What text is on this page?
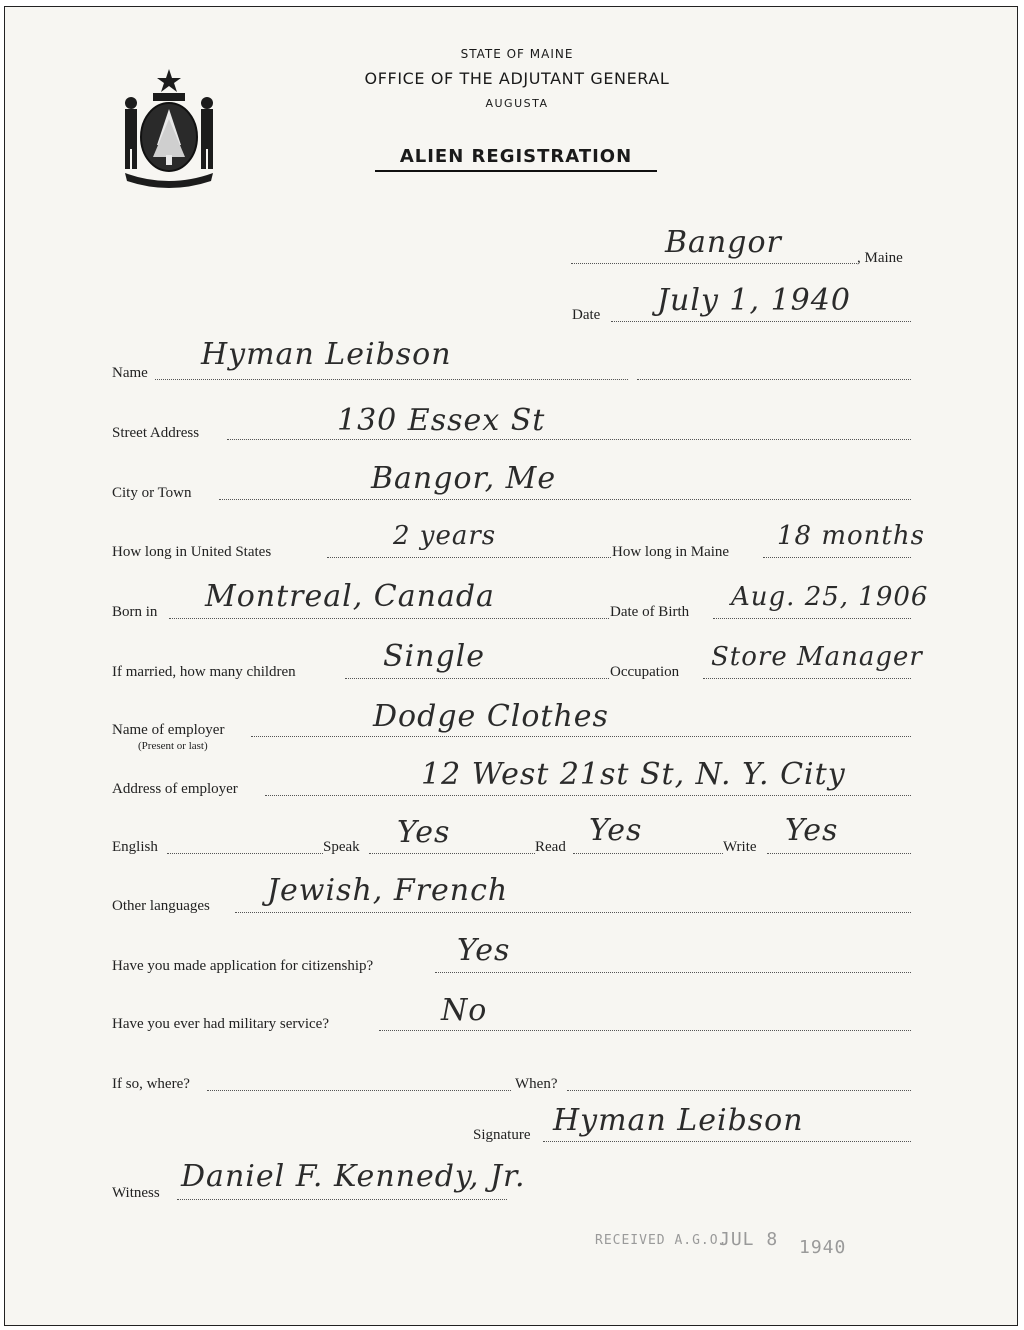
STATE OF MAINE
OFFICE OF THE ADJUTANT GENERAL
AUGUSTA
ALIEN REGISTRATION
Bangor	, Maine
Date July 1, 1940
Name
Hyman Leibson
Street Address	130 Essex St
City or Town	Bangor, Me
How long in United States
2 years
How long in Maine
18 months
Born in Montreal, Canada	Date of Birth Aug. 25, 1906
If married, how many children	Single	Occupation Store Manager
Name of employer
(Present or last)
Dodge Clothes
Address of employer	12 West 21st St, N. Y. City
English	Speak Yes	Read Yes	Write Yes
Other languages Jewish, French
Have you made application for citizenship?	Yes
Have you ever had military service?	No
If so, where?	When?
Signature Hyman Leibson
Witness Daniel F. Kennedy, Jr.
RECEIVED A.G.O.
JUL 8 1940
